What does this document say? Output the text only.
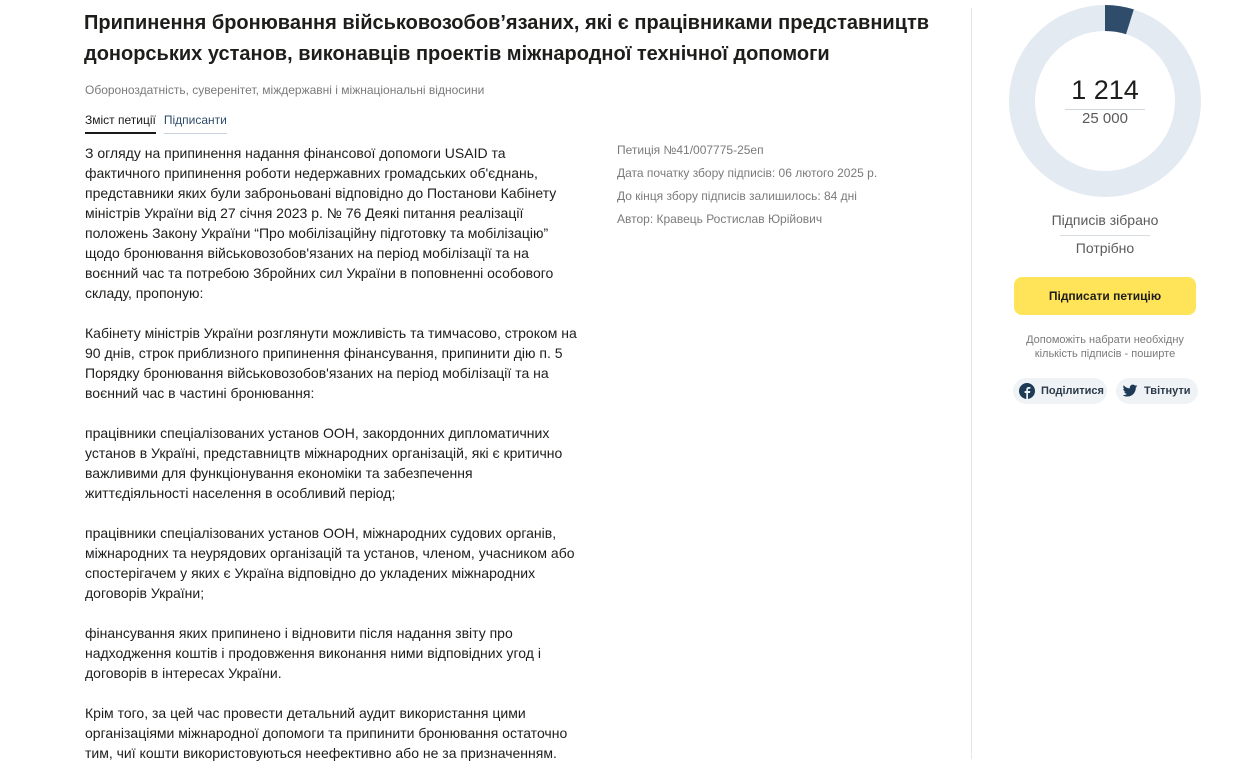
Припинення бронювання військовозобов’язаних, які є працівниками представництв донорських установ, виконавців проектів міжнародної технічної допомоги
Обороноздатність, суверенітет, міждержавні і міжнаціональні відносини
Зміст петиції Підписанти

З огляду на припинення надання фінансової допомоги USAID та фактичного припинення роботи недержавних громадських об'єднань, представники яких були заброньовані відповідно до Постанови Кабінету міністрів України від 27 січня 2023 р. № 76 Деякі питання реалізації положень Закону України “Про мобілізаційну підготовку та мобілізацію” щодо бронювання військовозобов'язаних на період мобілізації та на воєнний час та потребою Збройних сил України в поповненні особового складу, пропоную:

Кабінету міністрів України розглянути можливість та тимчасово, строком на 90 днів, строк приблизного припинення фінансування, припинити дію п. 5 Порядку бронювання військовозобов'язаних на період мобілізації та на воєнний час в частині бронювання:

працівники спеціалізованих установ ООН, закордонних дипломатичних установ в Україні, представництв міжнародних організацій, які є критично важливими для функціонування економіки та забезпечення життєдіяльності населення в особливий період;

працівники спеціалізованих установ ООН, міжнародних судових органів, міжнародних та неурядових організацій та установ, членом, учасником або спостерігачем у яких є Україна відповідно до укладених міжнародних договорів України;

фінансування яких припинено і відновити після надання звіту про надходження коштів і продовження виконання ними відповідних угод і договорів в інтересах України.

Крім того, за цей час провести детальний аудит використання цими організаціями міжнародної допомоги та припинити бронювання остаточно тим, чиї кошти використовуються неефективно або не за призначенням.

Петиція №41/007775-25еп
Дата початку збору підписів: 06 лютого 2025 р.
До кінця збору підписів залишилось: 84 дні
Автор: Кравець Ростислав Юрійович
1 214
25 000
Підписів зібрано
Потрібно
Підписати петицію
Допоможіть набрати необхідну кількість підписів - поширте
Поділитися	Твітнути
